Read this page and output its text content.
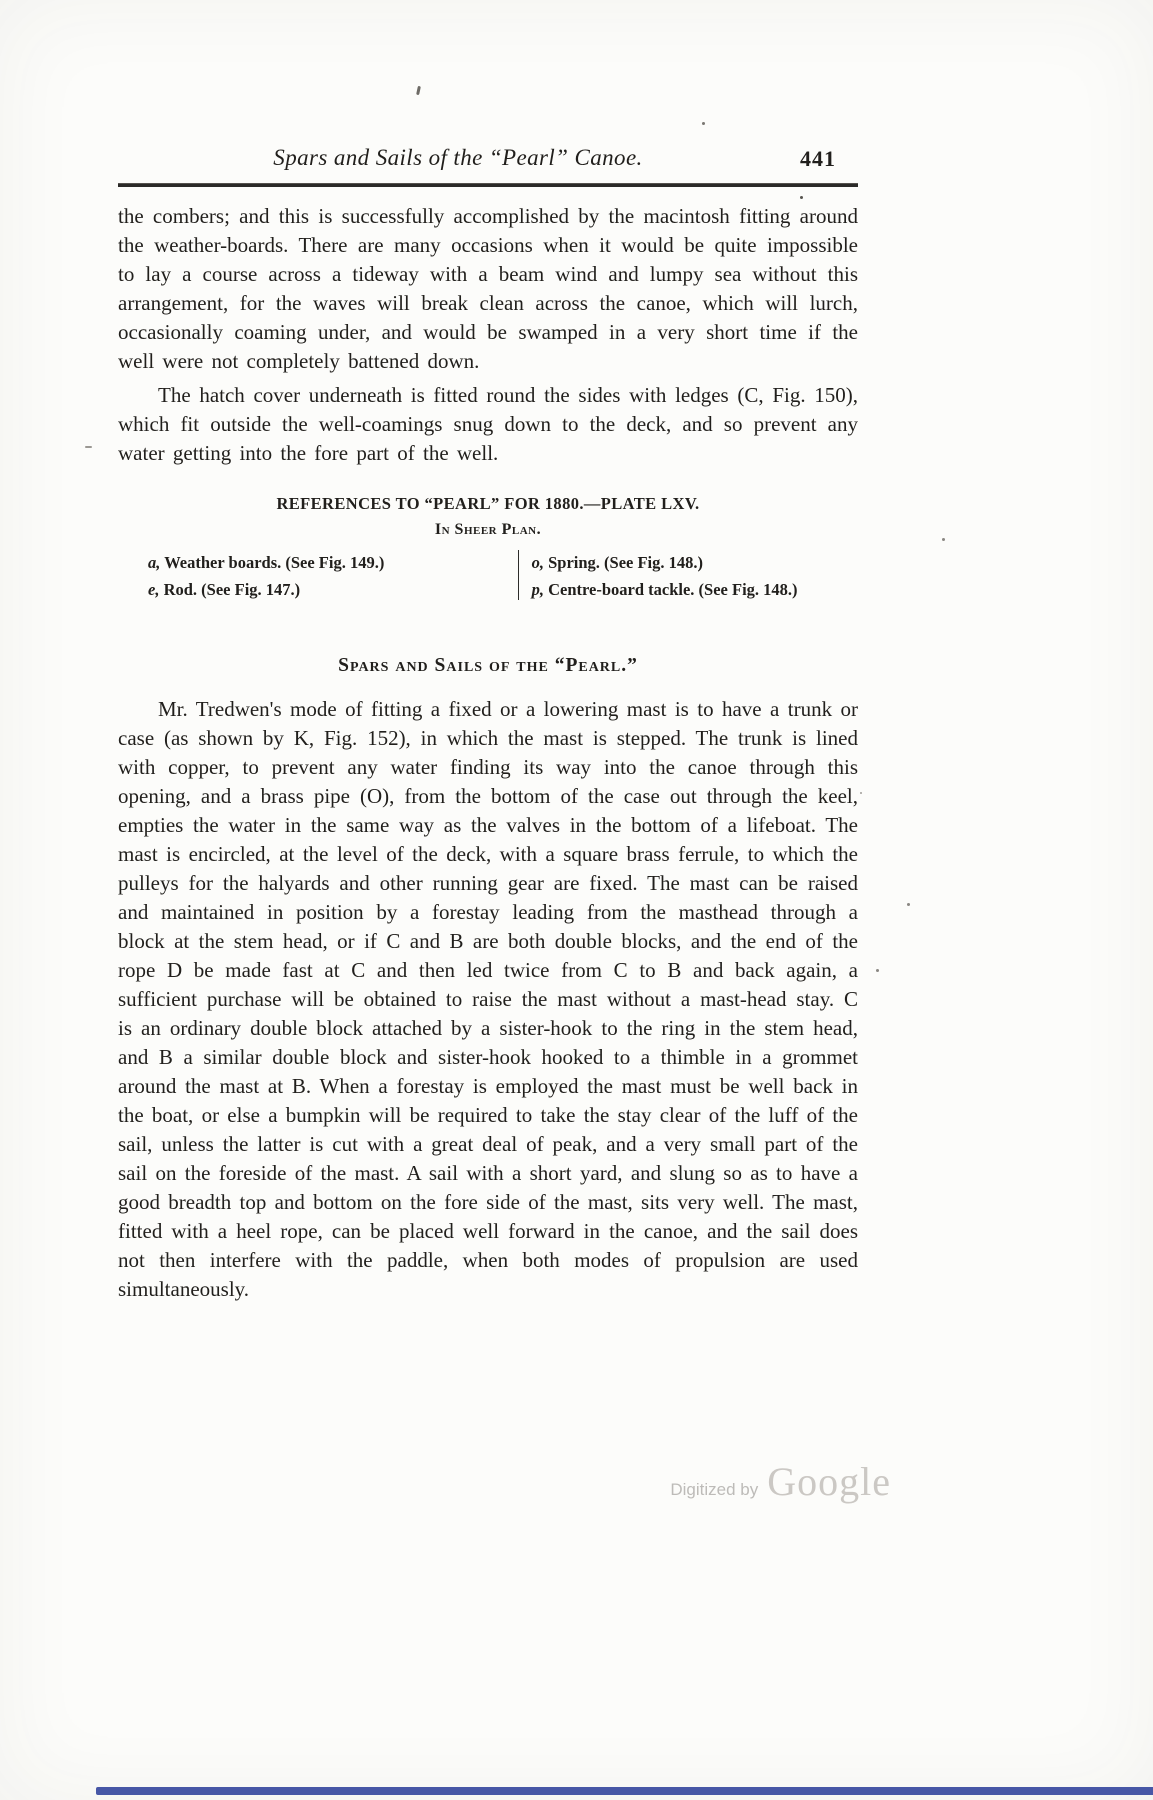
Spars and Sails of the “Pearl” Canoe.	441

the combers; and this is successfully accomplished by the macintosh fitting around the weather-boards. There are many occasions when it would be quite impossible to lay a course across a tideway with a beam wind and lumpy sea without this arrangement, for the waves will break clean across the canoe, which will lurch, occasionally coaming under, and would be swamped in a very short time if the well were not completely battened down.

The hatch cover underneath is fitted round the sides with ledges (C, Fig. 150), which fit outside the well-coamings snug down to the deck, and so prevent any water getting into the fore part of the well.

REFERENCES TO “PEARL” FOR 1880.—PLATE LXV.
In Sheer Plan.
a, Weather boards. (See Fig. 149.)
e, Rod. (See Fig. 147.)
o, Spring. (See Fig. 148.)
p, Centre-board tackle. (See Fig. 148.)
Spars and Sails of the “Pearl.”

Mr. Tredwen's mode of fitting a fixed or a lowering mast is to have a trunk or case (as shown by K, Fig. 152), in which the mast is stepped. The trunk is lined with copper, to prevent any water finding its way into the canoe through this opening, and a brass pipe (O), from the bottom of the case out through the keel, empties the water in the same way as the valves in the bottom of a lifeboat. The mast is encircled, at the level of the deck, with a square brass ferrule, to which the pulleys for the halyards and other running gear are fixed. The mast can be raised and maintained in position by a forestay leading from the masthead through a block at the stem head, or if C and B are both double blocks, and the end of the rope D be made fast at C and then led twice from C to B and back again, a sufficient purchase will be obtained to raise the mast without a mast-head stay. C is an ordinary double block attached by a sister-hook to the ring in the stem head, and B a similar double block and sister-hook hooked to a thimble in a grommet around the mast at B. When a forestay is employed the mast must be well back in the boat, or else a bumpkin will be required to take the stay clear of the luff of the sail, unless the latter is cut with a great deal of peak, and a very small part of the sail on the foreside of the mast. A sail with a short yard, and slung so as to have a good breadth top and bottom on the fore side of the mast, sits very well. The mast, fitted with a heel rope, can be placed well forward in the canoe, and the sail does not then interfere with the paddle, when both modes of propulsion are used simultaneously.

Digitized by Google
